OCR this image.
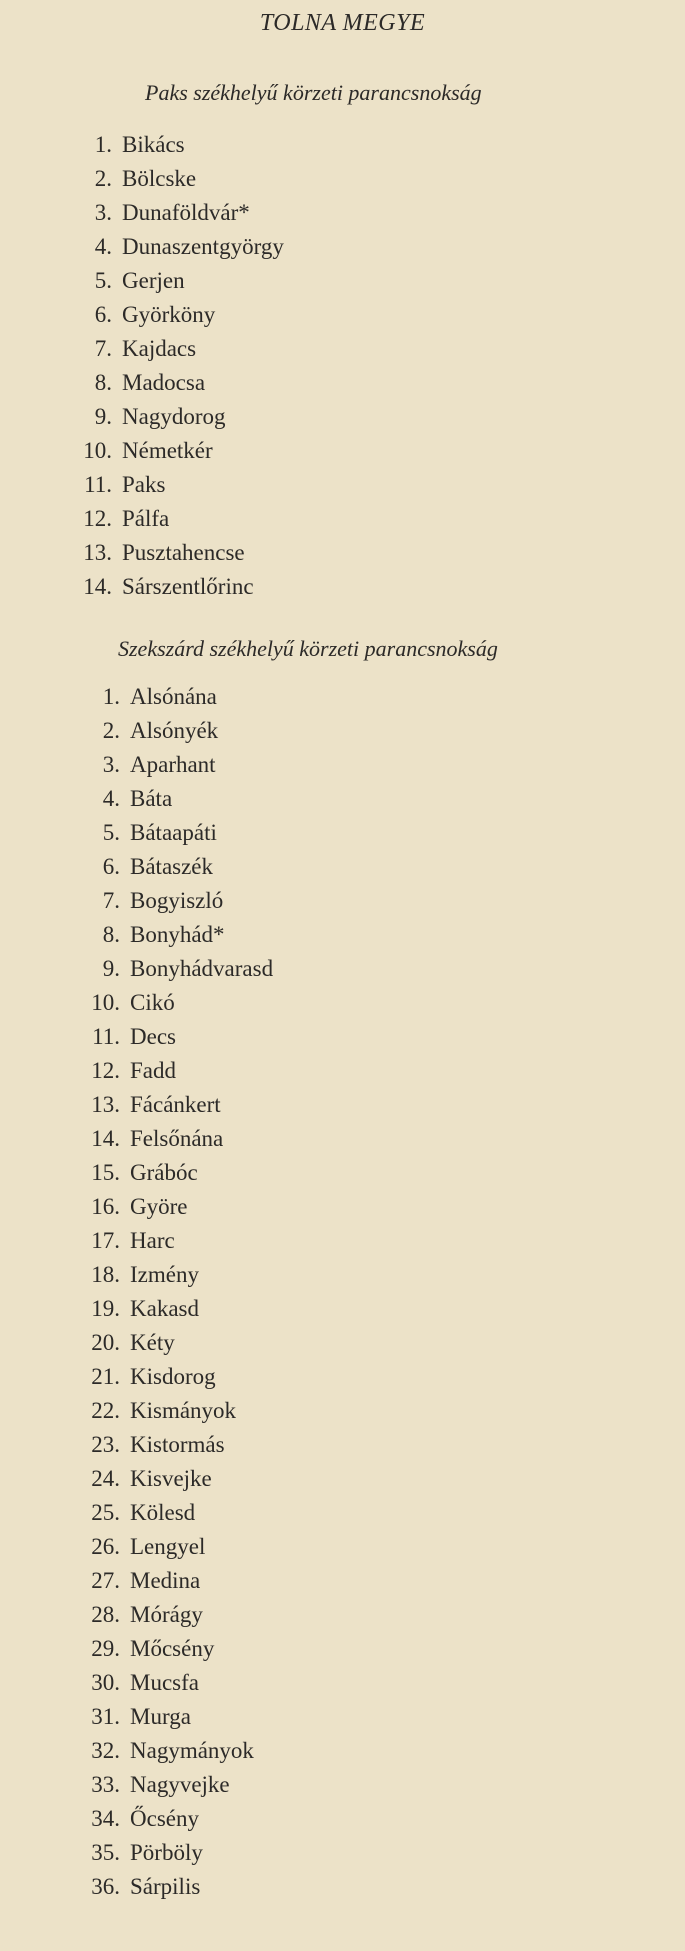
TOLNA MEGYE
Paks székhelyű körzeti parancsnokság
1. Bikács
2. Bölcske
3. Dunaföldvár*
4. Dunaszentgyörgy
5. Gerjen
6. Györköny
7. Kajdacs
8. Madocsa
9. Nagydorog
10. Németkér
11. Paks
12. Pálfa
13. Pusztahencse
14. Sárszentlőrinc
Szekszárd székhelyű körzeti parancsnokság
1. Alsónána
2. Alsónyék
3. Aparhant
4. Báta
5. Bátaapáti
6. Bátaszék
7. Bogyiszló
8. Bonyhád*
9. Bonyhádvarasd
10. Cikó
11. Decs
12. Fadd
13. Fácánkert
14. Felsőnána
15. Grábóc
16. Györe
17. Harc
18. Izmény
19. Kakasd
20. Kéty
21. Kisdorog
22. Kismányok
23. Kistormás
24. Kisvejke
25. Kölesd
26. Lengyel
27. Medina
28. Mórágy
29. Mőcsény
30. Mucsfa
31. Murga
32. Nagymányok
33. Nagyvejke
34. Őcsény
35. Pörböly
36. Sárpilis
